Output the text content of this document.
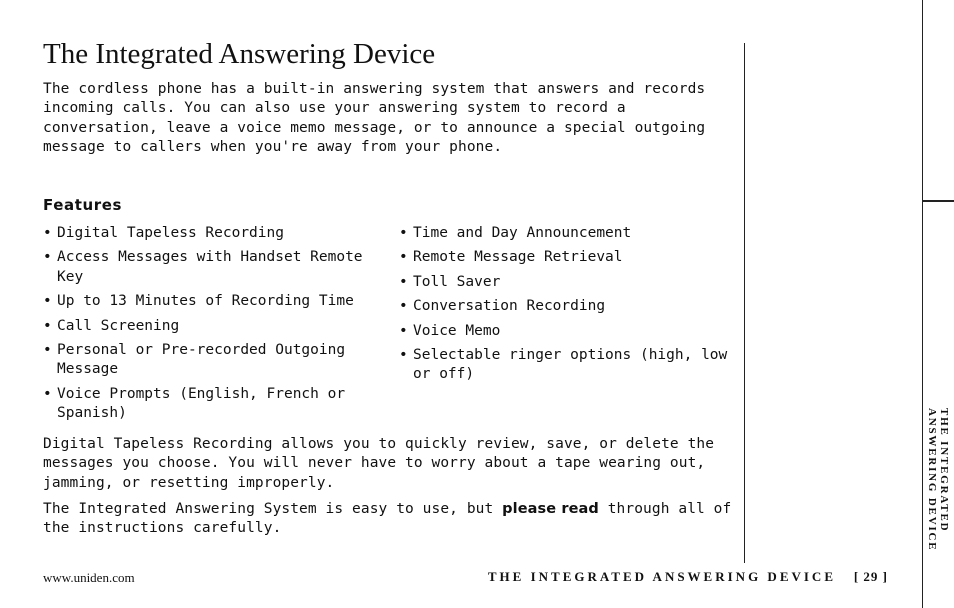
The Integrated Answering Device

The cordless phone has a built-in answering system that answers and records incoming calls. You can also use your answering system to record a conversation, leave a voice memo message, or to announce a special outgoing message to callers when you're away from your phone.

Features
• Digital Tapeless Recording
• Access Messages with Handset Remote Key
• Up to 13 Minutes of Recording Time
• Call Screening
• Personal or Pre-recorded Outgoing Message
• Voice Prompts (English, French or Spanish)
• Time and Day Announcement
• Remote Message Retrieval
• Toll Saver
• Conversation Recording
• Voice Memo
• Selectable ringer options (high, low or off)

Digital Tapeless Recording allows you to quickly review, save, or delete the messages you choose. You will never have to worry about a tape wearing out, jamming, or resetting improperly.

The Integrated Answering System is easy to use, but please read through all of the instructions carefully.	THE INTEGRATED
ANSWERING DEVICE
www.uniden.com	THE INTEGRATED ANSWERING DEVICE [ 29 ]
